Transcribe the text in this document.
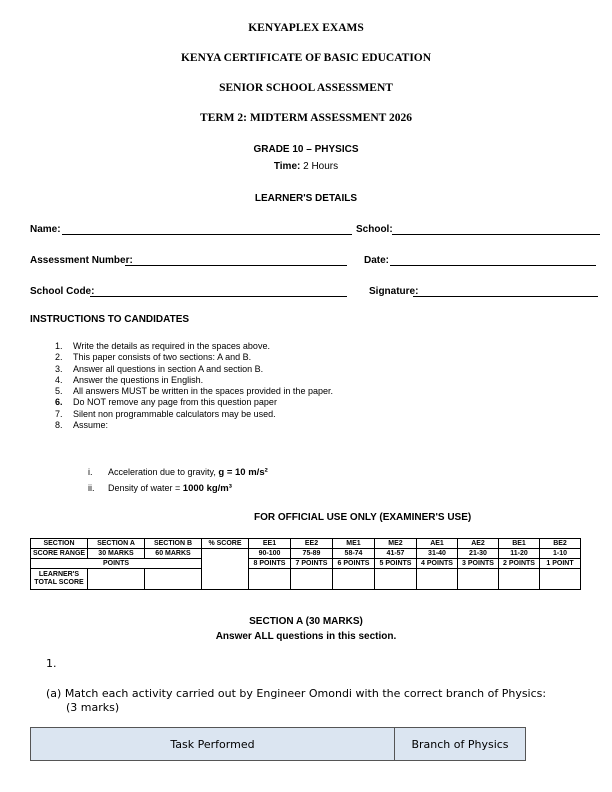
KENYAPLEX EXAMS
KENYA CERTIFICATE OF BASIC EDUCATION
SENIOR SCHOOL ASSESSMENT
TERM 2: MIDTERM ASSESSMENT 2026
GRADE 10 – PHYSICS
Time: 2 Hours
LEARNER'S DETAILS
Name:	School:
Assessment Number:	Date:
School Code:	Signature:
INSTRUCTIONS TO CANDIDATES
1. Write the details as required in the spaces above.
2. This paper consists of two sections: A and B.
3. Answer all questions in section A and section B.
4. Answer the questions in English.
5. All answers MUST be written in the spaces provided in the paper.
6. Do NOT remove any page from this question paper
7. Silent non programmable calculators may be used.
8. Assume:
i. Acceleration due to gravity, g = 10 m/s²
ii. Density of water = 1000 kg/m³
FOR OFFICIAL USE ONLY (EXAMINER'S USE)
SECTION	SECTION A	SECTION B	% SCORE	EE1	EE2	ME1	ME2	AE1	AE2	BE1	BE2
SCORE RANGE	30 MARKS	60 MARKS		90-100	75-89	58-74	41-57	31-40	21-30	11-20	1-10
POINTS				8 POINTS	7 POINTS	6 POINTS	5 POINTS	4 POINTS	3 POINTS	2 POINTS	1 POINT
LEARNER'S TOTAL SCORE											
SECTION A (30 MARKS)
Answer ALL questions in this section.
1.
(a) Match each activity carried out by Engineer Omondi with the correct branch of Physics:
(3 marks)
Task Performed	Branch of Physics
